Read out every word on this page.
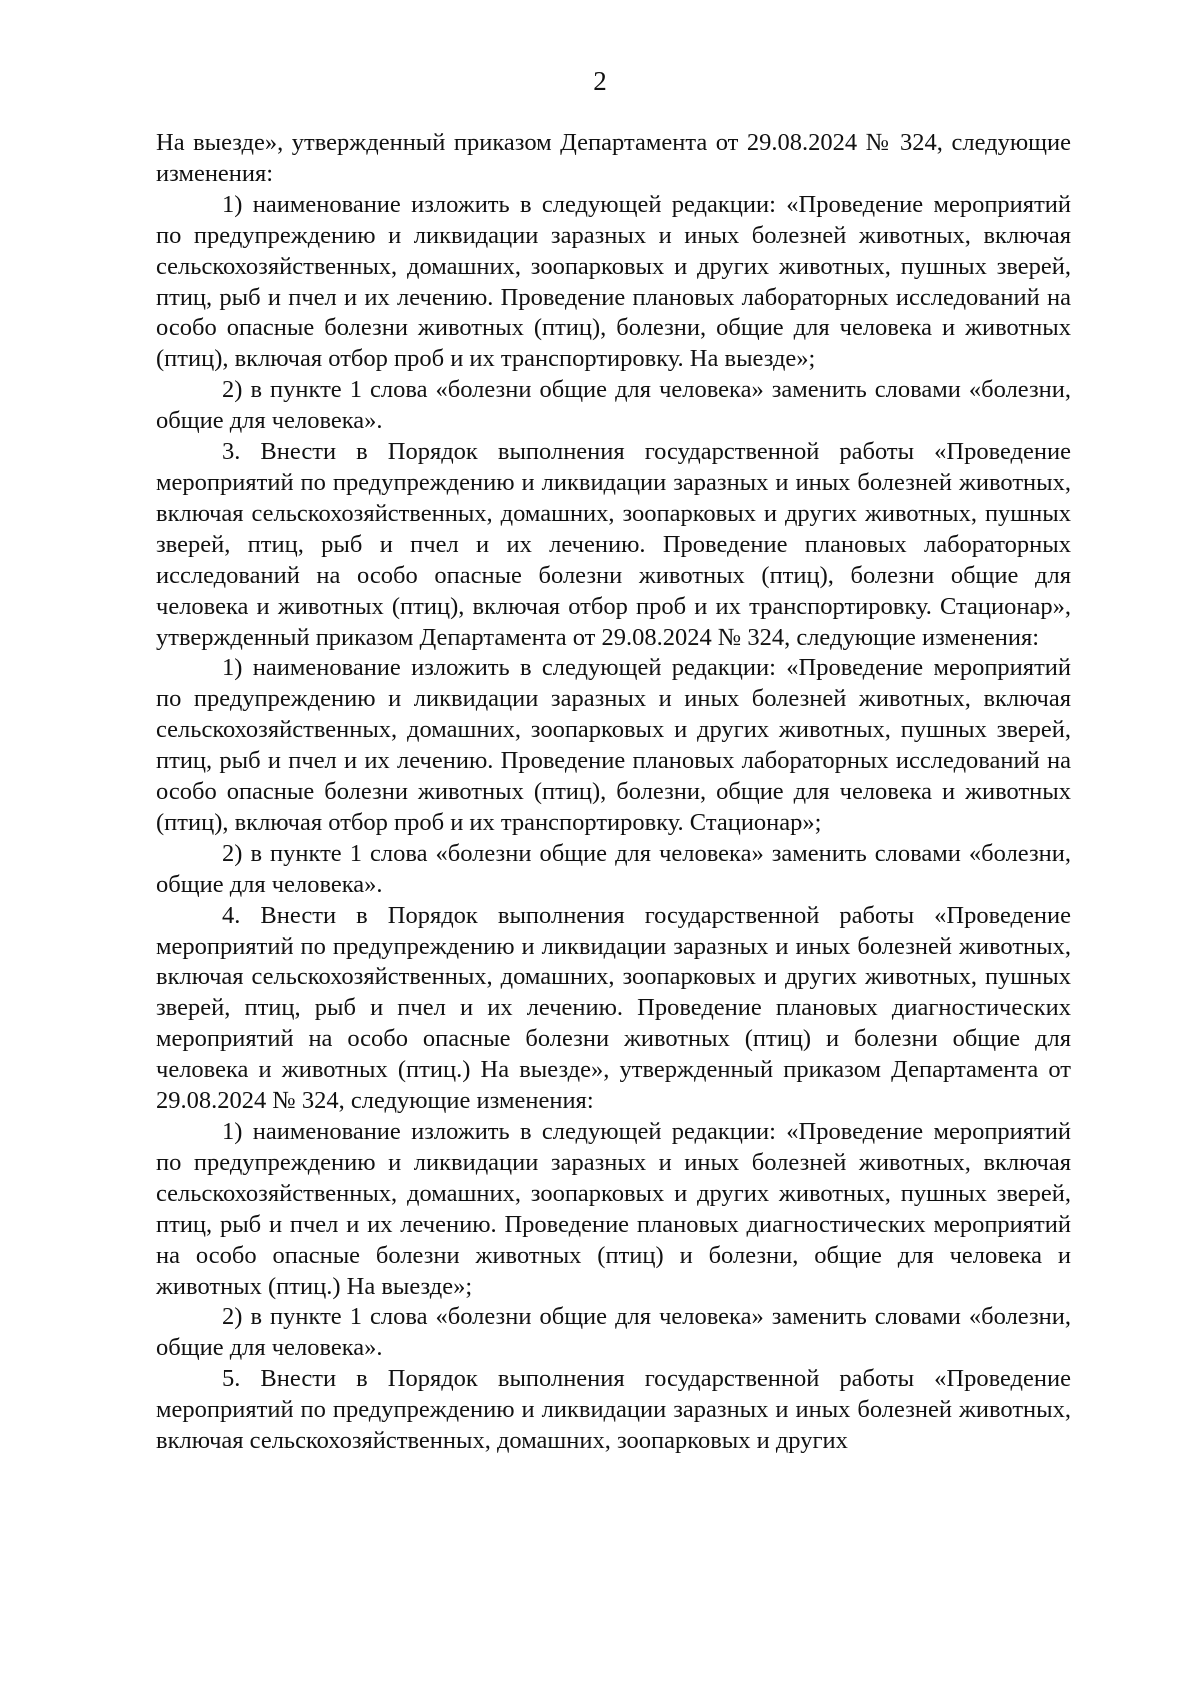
2

На выезде», утвержденный приказом Департамента от 29.08.2024 № 324, следующие изменения:

1) наименование изложить в следующей редакции: «Проведение мероприятий по предупреждению и ликвидации заразных и иных болезней животных, включая сельскохозяйственных, домашних, зоопарковых и других животных, пушных зверей, птиц, рыб и пчел и их лечению. Проведение плановых лабораторных исследований на особо опасные болезни животных (птиц), болезни, общие для человека и животных (птиц), включая отбор проб и их транспортировку. На выезде»;

2) в пункте 1 слова «болезни общие для человека» заменить словами «болезни, общие для человека».

3. Внести в Порядок выполнения государственной работы «Проведение мероприятий по предупреждению и ликвидации заразных и иных болезней животных, включая сельскохозяйственных, домашних, зоопарковых и других животных, пушных зверей, птиц, рыб и пчел и их лечению. Проведение плановых лабораторных исследований на особо опасные болезни животных (птиц), болезни общие для человека и животных (птиц), включая отбор проб и их транспортировку. Стационар», утвержденный приказом Департамента от 29.08.2024 № 324, следующие изменения:

1) наименование изложить в следующей редакции: «Проведение мероприятий по предупреждению и ликвидации заразных и иных болезней животных, включая сельскохозяйственных, домашних, зоопарковых и других животных, пушных зверей, птиц, рыб и пчел и их лечению. Проведение плановых лабораторных исследований на особо опасные болезни животных (птиц), болезни, общие для человека и животных (птиц), включая отбор проб и их транспортировку. Стационар»;

2) в пункте 1 слова «болезни общие для человека» заменить словами «болезни, общие для человека».

4. Внести в Порядок выполнения государственной работы «Проведение мероприятий по предупреждению и ликвидации заразных и иных болезней животных, включая сельскохозяйственных, домашних, зоопарковых и других животных, пушных зверей, птиц, рыб и пчел и их лечению. Проведение плановых диагностических мероприятий на особо опасные болезни животных (птиц) и болезни общие для человека и животных (птиц.) На выезде», утвержденный приказом Департамента от 29.08.2024 № 324, следующие изменения:

1) наименование изложить в следующей редакции: «Проведение мероприятий по предупреждению и ликвидации заразных и иных болезней животных, включая сельскохозяйственных, домашних, зоопарковых и других животных, пушных зверей, птиц, рыб и пчел и их лечению. Проведение плановых диагностических мероприятий на особо опасные болезни животных (птиц) и болезни, общие для человека и животных (птиц.) На выезде»;

2) в пункте 1 слова «болезни общие для человека» заменить словами «болезни, общие для человека».

5. Внести в Порядок выполнения государственной работы «Проведение мероприятий по предупреждению и ликвидации заразных и иных болезней животных, включая сельскохозяйственных, домашних, зоопарковых и других
